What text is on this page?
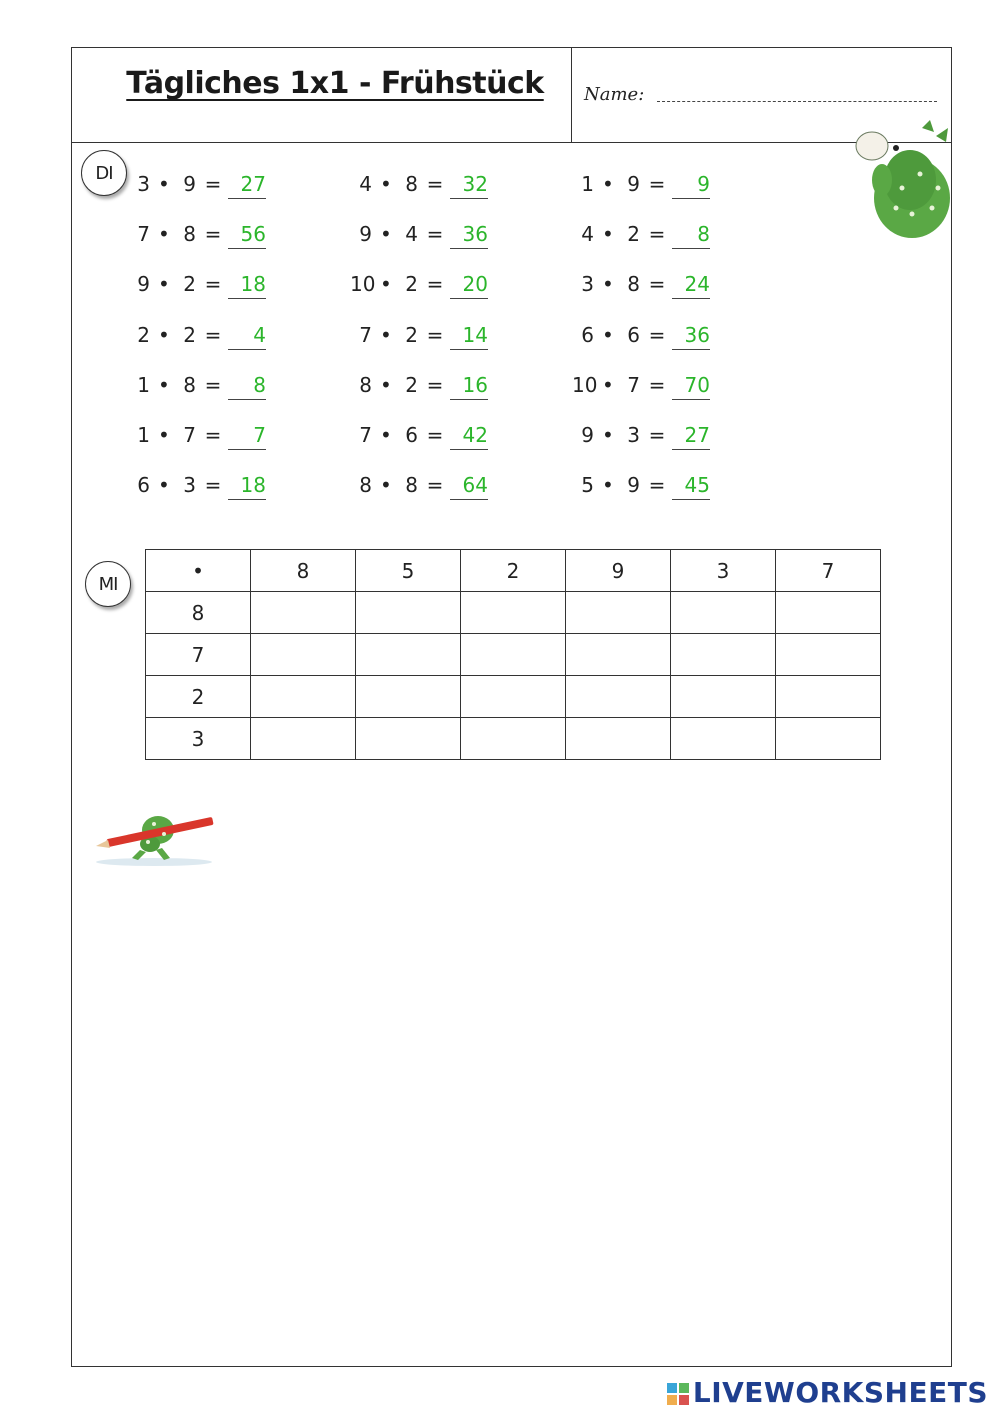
Tägliches 1x1 - Frühstück	Name:
DI
MI
3 • 9 = 27
7 • 8 = 56
9 • 2 = 18
2 • 2 =	4
1 • 8 =	8
1 • 7 =	7
6 • 3 = 18
4 • 8 = 32
9 • 4 = 36
10 • 2 = 20
7 • 2 = 14
8 • 2 = 16
7 • 6 = 42
8 • 8 = 64
1 • 9 =	9
4 • 2 =	8
3 • 8 = 24
6 • 6 = 36
10 • 7 = 70
9 • 3 = 27
5 • 9 = 45
•	8	5	2	9	3	7
8						
7						
2						
3						
LIVEWORKSHEETS
